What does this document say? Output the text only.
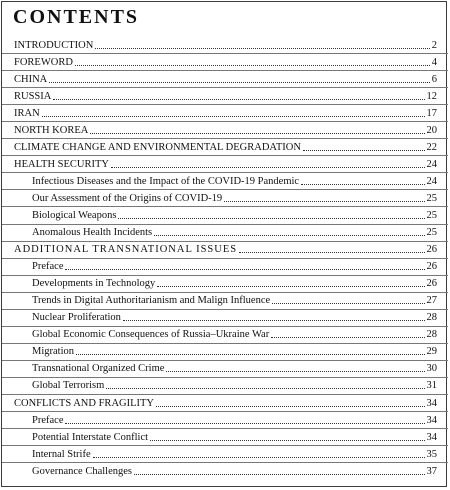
CONTENTS
INTRODUCTION	2
FOREWORD	4
CHINA	6
RUSSIA	12
IRAN	17
NORTH KOREA	20
CLIMATE CHANGE AND ENVIRONMENTAL DEGRADATION	22
HEALTH SECURITY	24
Infectious Diseases and the Impact of the COVID-19 Pandemic	24
Our Assessment of the Origins of COVID-19	25
Biological Weapons	25
Anomalous Health Incidents	25
ADDITIONAL TRANSNATIONAL ISSUES	26
Preface	26
Developments in Technology	26
Trends in Digital Authoritarianism and Malign Influence	27
Nuclear Proliferation	28
Global Economic Consequences of Russia–Ukraine War	28
Migration	29
Transnational Organized Crime	30
Global Terrorism	31
CONFLICTS AND FRAGILITY	34
Preface	34
Potential Interstate Conflict	34
Internal Strife	35
Governance Challenges	37
